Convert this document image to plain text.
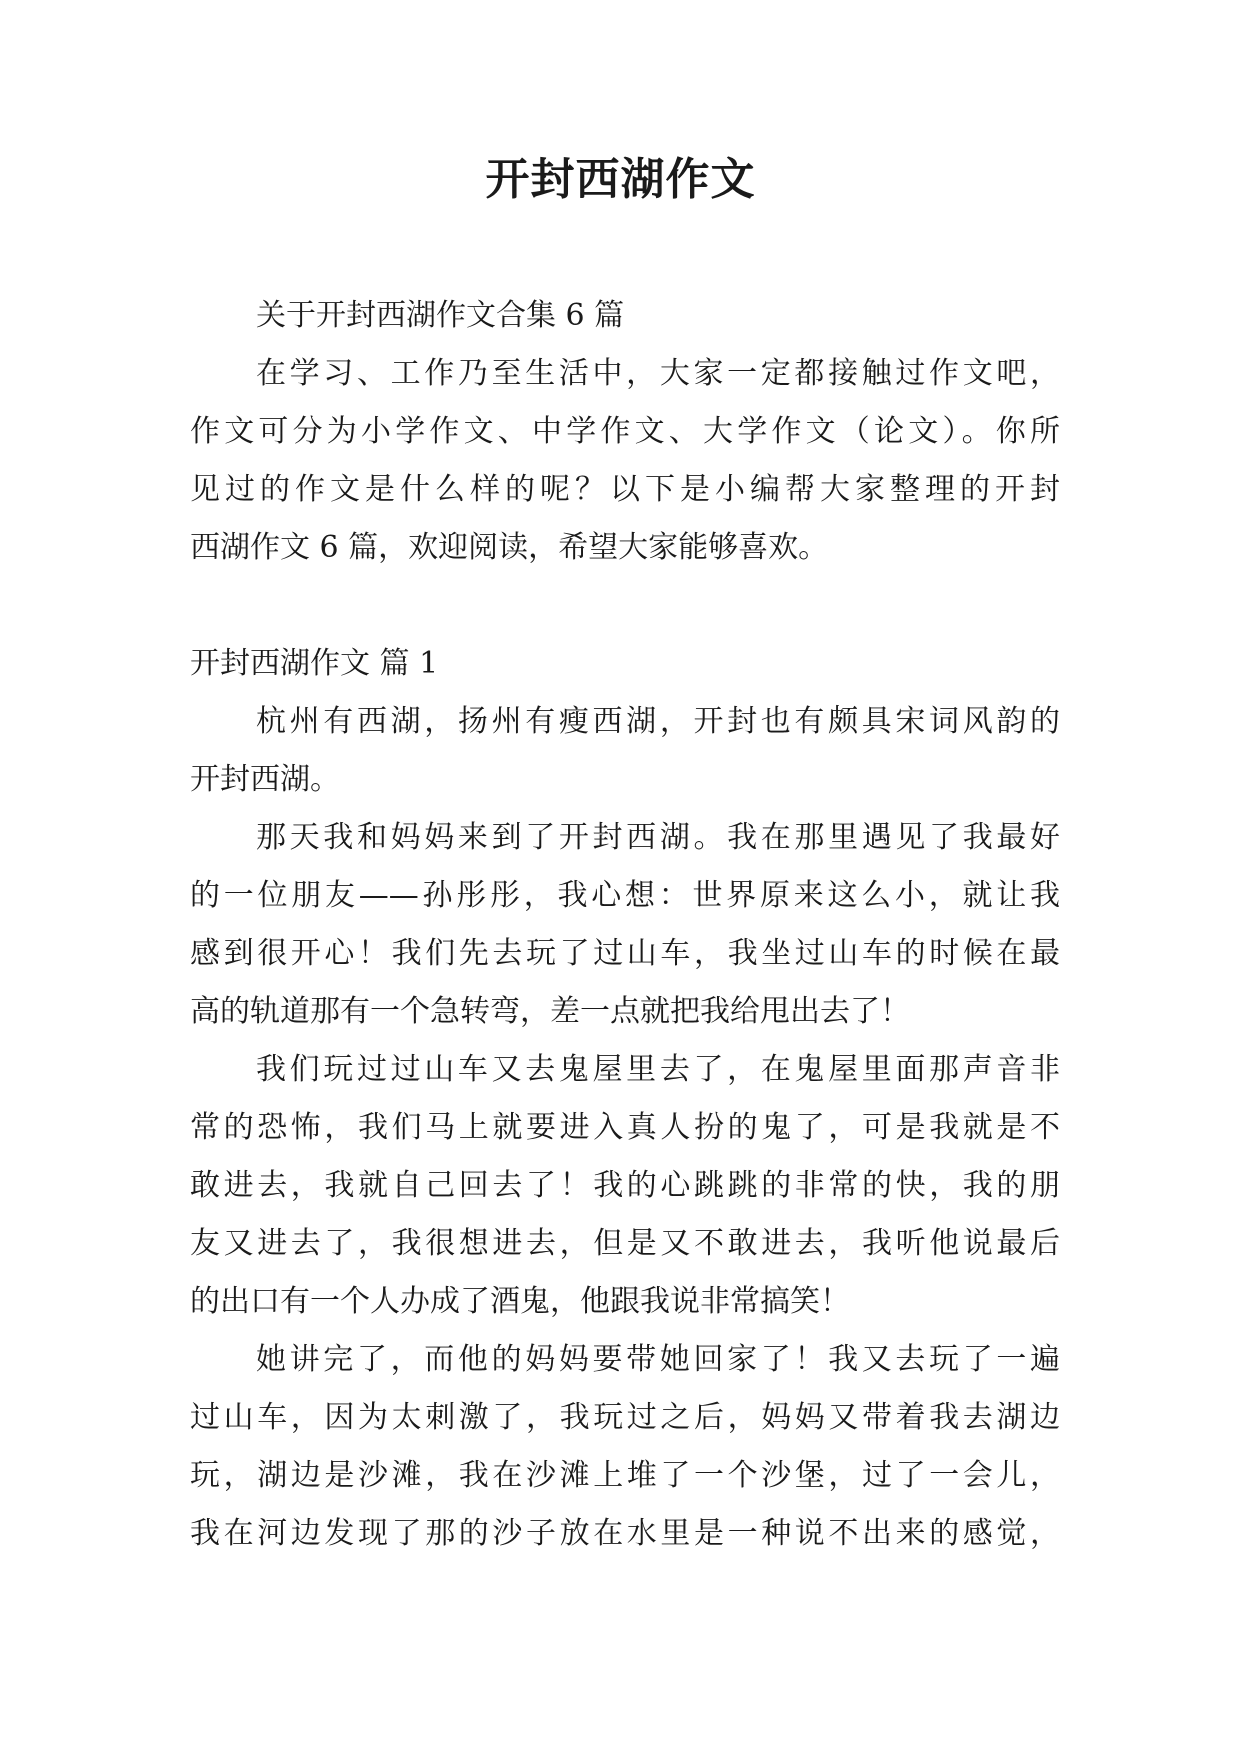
开封西湖作文
关于开封西湖作文合集 6 篇
在学习、工作乃至生活中，大家一定都接触过作文吧，
作文可分为小学作文、中学作文、大学作文（论文）。你所
见过的作文是什么样的呢？以下是小编帮大家整理的开封
西湖作文 6 篇，欢迎阅读，希望大家能够喜欢。
开封西湖作文 篇 1
杭州有西湖，扬州有瘦西湖，开封也有颇具宋词风韵的
开封西湖。
那天我和妈妈来到了开封西湖。我在那里遇见了我最好
的一位朋友——孙彤彤，我心想：世界原来这么小，就让我
感到很开心！我们先去玩了过山车，我坐过山车的时候在最
高的轨道那有一个急转弯，差一点就把我给甩出去了！
我们玩过过山车又去鬼屋里去了，在鬼屋里面那声音非
常的恐怖，我们马上就要进入真人扮的鬼了，可是我就是不
敢进去，我就自己回去了！我的心跳跳的非常的快，我的朋
友又进去了，我很想进去，但是又不敢进去，我听他说最后
的出口有一个人办成了酒鬼，他跟我说非常搞笑！
她讲完了，而他的妈妈要带她回家了！我又去玩了一遍
过山车，因为太刺激了，我玩过之后，妈妈又带着我去湖边
玩，湖边是沙滩，我在沙滩上堆了一个沙堡，过了一会儿，
我在河边发现了那的沙子放在水里是一种说不出来的感觉，
